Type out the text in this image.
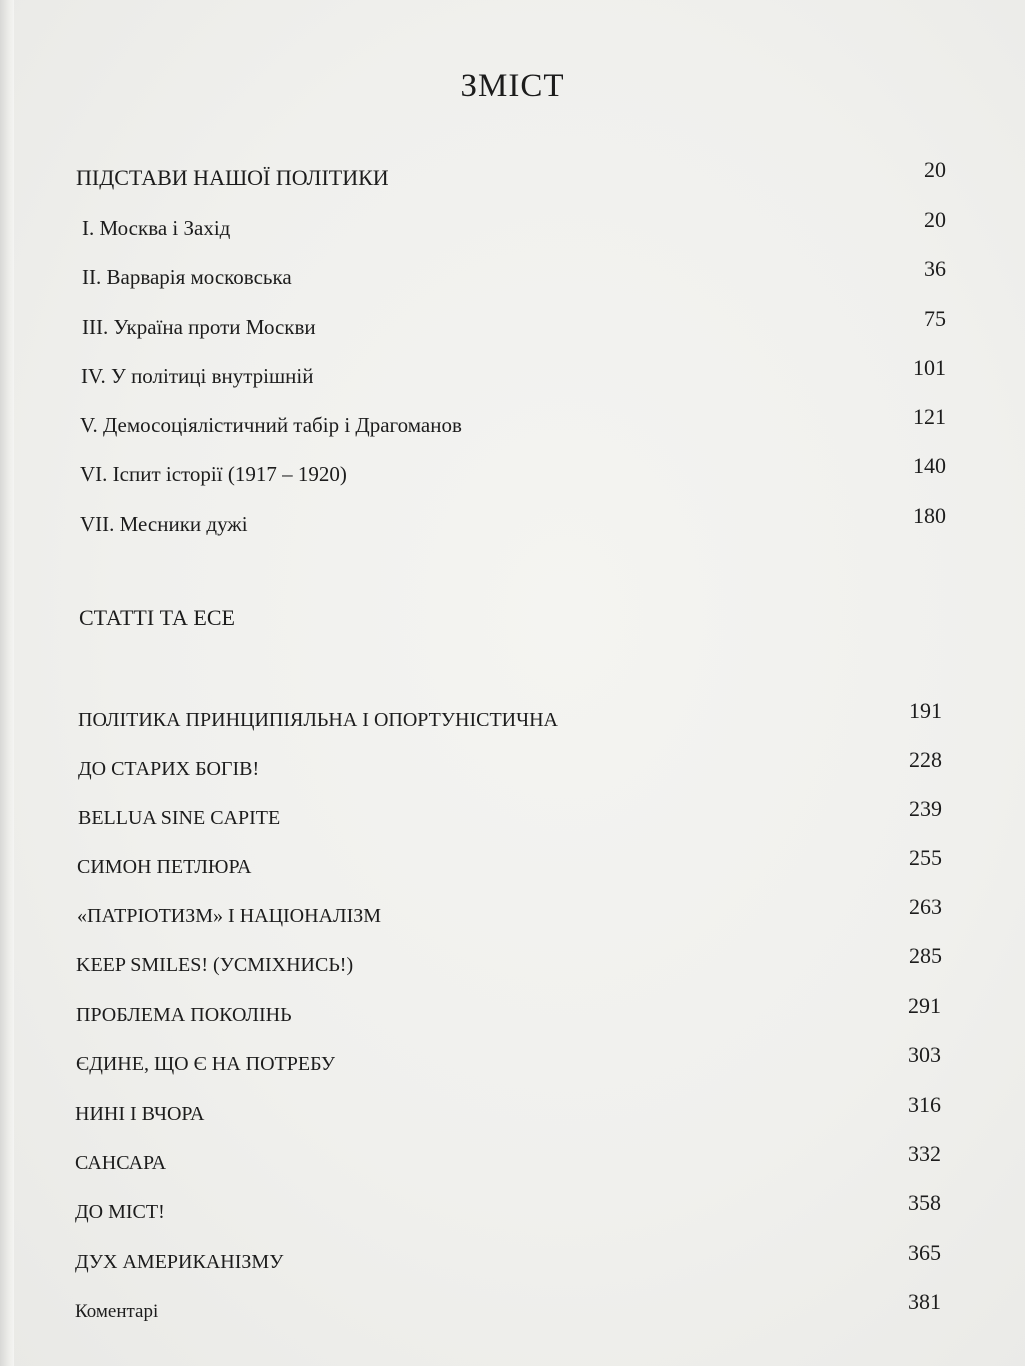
ЗМІСТ
ПІДСТАВИ НАШОЇ ПОЛІТИКИ	20
І. Москва і Захід	20
ІІ. Варварія московська	36
ІІІ. Україна проти Москви	75
IV. У політиці внутрішній	101
V. Демосоціялістичний табір і Драгоманов	121
VI. Іспит історії (1917 – 1920)	140
VII. Месники дужі	180
СТАТТІ ТА ЕСЕ
ПОЛІТИКА ПРИНЦИПІЯЛЬНА І ОПОРТУНІСТИЧНА	191
ДО СТАРИХ БОГІВ!	228
BELLUA SINE CAPITE	239
СИМОН ПЕТЛЮРА	255
«ПАТРІОТИЗМ» І НАЦІОНАЛІЗМ	263
KEEP SMILES! (УСМІХНИСЬ!)	285
ПРОБЛЕМА ПОКОЛІНЬ	291
ЄДИНЕ, ЩО Є НА ПОТРЕБУ	303
НИНІ І ВЧОРА	316
САНСАРА	332
ДО МІСТ!	358
ДУХ АМЕРИКАНІЗМУ	365
Коментарі	381
